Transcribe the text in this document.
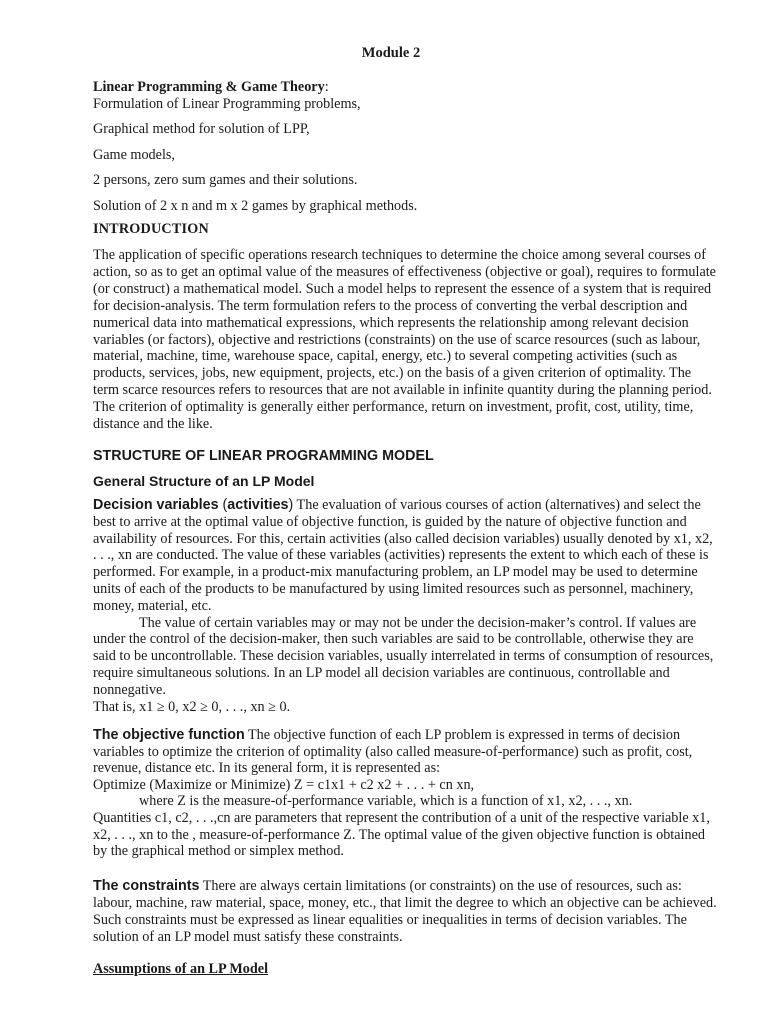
Module 2
Linear Programming & Game Theory:
Formulation of Linear Programming problems,
Graphical method for solution of LPP,
Game models,
2 persons, zero sum games and their solutions.
Solution of 2 x n and m x 2 games by graphical methods.
INTRODUCTION

The application of specific operations research techniques to determine the choice among several courses of action, so as to get an optimal value of the measures of effectiveness (objective or goal), requires to formulate (or construct) a mathematical model. Such a model helps to represent the essence of a system that is required for decision-analysis. The term formulation refers to the process of converting the verbal description and numerical data into mathematical expressions, which represents the relationship among relevant decision variables (or factors), objective and restrictions (constraints) on the use of scarce resources (such as labour, material, machine, time, warehouse space, capital, energy, etc.) to several competing activities (such as products, services, jobs, new equipment, projects, etc.) on the basis of a given criterion of optimality. The term scarce resources refers to resources that are not available in infinite quantity during the planning period. The criterion of optimality is generally either performance, return on investment, profit, cost, utility, time, distance and the like.

STRUCTURE OF LINEAR PROGRAMMING MODEL
General Structure of an LP Model

Decision variables (activities) The evaluation of various courses of action (alternatives) and select the best to arrive at the optimal value of objective function, is guided by the nature of objective function and availability of resources. For this, certain activities (also called decision variables) usually denoted by x1, x2, . . ., xn are conducted. The value of these variables (activities) represents the extent to which each of these is performed. For example, in a product-mix manufacturing problem, an LP model may be used to determine units of each of the products to be manufactured by using limited resources such as personnel, machinery, money, material, etc.

The value of certain variables may or may not be under the decision-maker’s control. If values are under the control of the decision-maker, then such variables are said to be controllable, otherwise they are said to be uncontrollable. These decision variables, usually interrelated in terms of consumption of resources, require simultaneous solutions. In an LP model all decision variables are continuous, controllable and nonnegative.

That is, x1 ≥ 0, x2 ≥ 0, . . ., xn ≥ 0.

The objective function The objective function of each LP problem is expressed in terms of decision variables to optimize the criterion of optimality (also called measure-of-performance) such as profit, cost, revenue, distance etc. In its general form, it is represented as:

Optimize (Maximize or Minimize) Z = c1x1 + c2 x2 + . . . + cn xn,

where Z is the measure-of-performance variable, which is a function of x1, x2, . . ., xn.

Quantities c1, c2, . . .,cn are parameters that represent the contribution of a unit of the respective variable x1, x2, . . ., xn to the , measure-of-performance Z. The optimal value of the given objective function is obtained by the graphical method or simplex method.

The constraints There are always certain limitations (or constraints) on the use of resources, such as: labour, machine, raw material, space, money, etc., that limit the degree to which an objective can be achieved. Such constraints must be expressed as linear equalities or inequalities in terms of decision variables. The solution of an LP model must satisfy these constraints.

Assumptions of an LP Model
